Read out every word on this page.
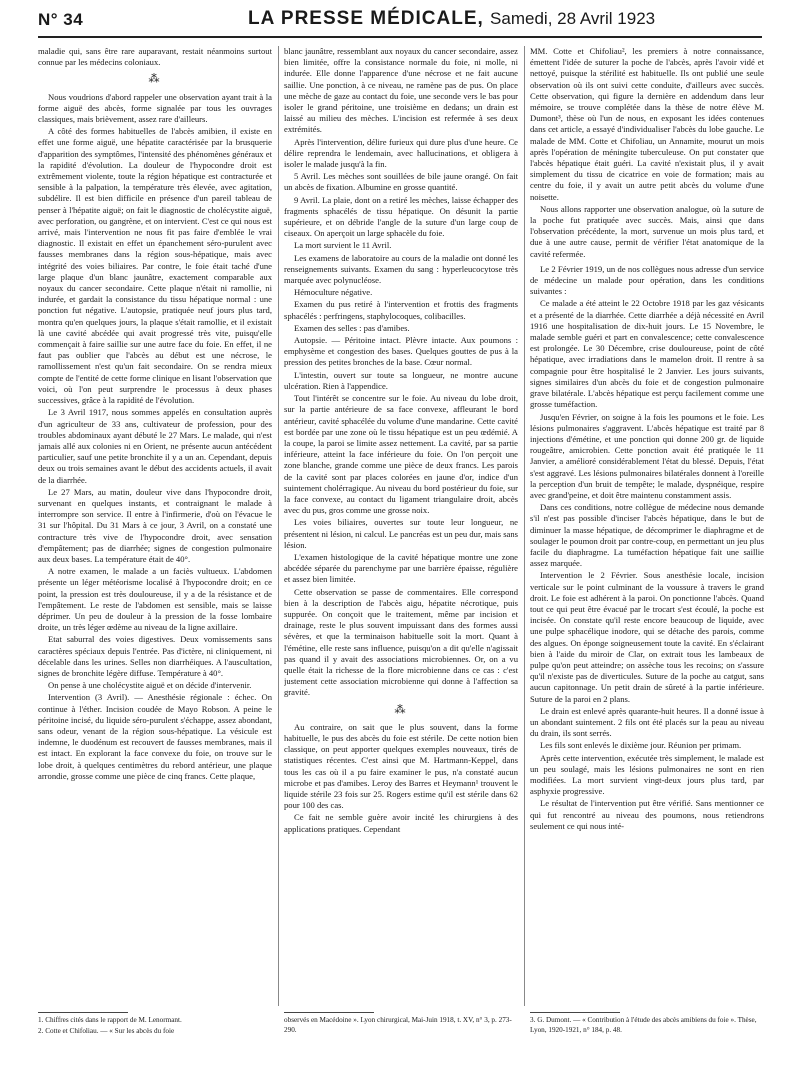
N° 34	LA PRESSE MÉDICALE, Samedi, 28 Avril 1923

maladie qui, sans être rare auparavant, restait néanmoins surtout connue par les médecins coloniaux.

⁂

Nous voudrions d'abord rappeler une observation ayant trait à la forme aiguë des abcès, forme signalée par tous les ouvrages classiques, mais brièvement, assez rare d'ailleurs.

A côté des formes habituelles de l'abcès amibien, il existe en effet une forme aiguë, une hépatite caractérisée par la brusquerie d'apparition des symptômes, l'intensité des phénomènes généraux et la rapidité d'évolution. La douleur de l'hypocondre droit est extrêmement violente, toute la région hépatique est contracturée et sensible à la palpation, la température très élevée, avec agitation, subdélire. Il est bien difficile en présence d'un pareil tableau de penser à l'hépatite aiguë; on fait le diagnostic de cholécystite aiguë, avec perforation, ou gangrène, et on intervient. C'est ce qui nous est arrivé, mais l'intervention ne nous fit pas faire d'emblée le vrai diagnostic. Il existait en effet un épanchement séro-purulent avec fausses membranes dans la région sous-hépatique, mais avec intégrité des voies biliaires. Par contre, le foie était taché d'une large plaque d'un blanc jaunâtre, exactement comparable aux noyaux du cancer secondaire. Cette plaque n'était ni ramollie, ni indurée, et gardait la consistance du tissu hépatique normal : une ponction fut négative. L'autopsie, pratiquée neuf jours plus tard, montra qu'en quelques jours, la plaque s'était ramollie, et il existait là une cavité abcédée qui avait progressé très vite, puisqu'elle commençait à faire saillie sur une autre face du foie. En effet, il ne faut pas oublier que l'abcès au début est une nécrose, le ramollissement n'est qu'un fait secondaire. On se rendra mieux compte de l'entité de cette forme clinique en lisant l'observation que voici, où l'on peut surprendre le processus à deux phases successives, grâce à la rapidité de l'évolution.

Le 3 Avril 1917, nous sommes appelés en consultation auprès d'un agriculteur de 33 ans, cultivateur de profession, pour des troubles abdominaux ayant débuté le 27 Mars. Le malade, qui n'est jamais allé aux colonies ni en Orient, ne présente aucun antécédent particulier, sauf une petite bronchite il y a un an. Cependant, depuis deux ou trois semaines avant le début des accidents actuels, il avait de la diarrhée.

Le 27 Mars, au matin, douleur vive dans l'hypocondre droit, survenant en quelques instants, et contraignant le malade à interrompre son service. Il entre à l'infirmerie, d'où on l'évacue le 31 sur l'hôpital. Du 31 Mars à ce jour, 3 Avril, on a constaté une contracture très vive de l'hypocondre droit, avec sensation d'empâtement; pas de diarrhée; signes de congestion pulmonaire aux deux bases. La température était de 40°.

A notre examen, le malade a un faciès vultueux. L'abdomen présente un léger météorisme localisé à l'hypocondre droit; en ce point, la pression est très douloureuse, il y a de la résistance et de l'empâtement. Le reste de l'abdomen est sensible, mais se laisse déprimer. Un peu de douleur à la pression de la fosse lombaire droite, un très léger œdème au niveau de la ligne axillaire.

Etat saburral des voies digestives. Deux vomissements sans caractères spéciaux depuis l'entrée. Pas d'ictère, ni cliniquement, ni décelable dans les urines. Selles non diarrhéiques. A l'auscultation, signes de bronchite légère diffuse. Température à 40°.

On pense à une cholécystite aiguë et on décide d'intervenir.

Intervention (3 Avril). — Anesthésie régionale : échec. On continue à l'éther. Incision coudée de Mayo Robson. A peine le péritoine incisé, du liquide séro-purulent s'échappe, assez abondant, sans odeur, venant de la région sous-hépatique. La vésicule est indemne, le duodénum est recouvert de fausses membranes, mais il est intact. En explorant la face convexe du foie, on trouve sur le lobe droit, à quelques centimètres du rebord antérieur, une plaque arrondie, grosse comme une pièce de cinq francs. Cette plaque,

blanc jaunâtre, ressemblant aux noyaux du cancer secondaire, assez bien limitée, offre la consistance normale du foie, ni molle, ni indurée. Elle donne l'apparence d'une nécrose et ne fait aucune saillie. Une ponction, à ce niveau, ne ramène pas de pus. On place une mèche de gaze au contact du foie, une seconde vers le bas pour isoler le grand péritoine, une troisième en dedans; un drain est laissé au milieu des mèches. L'incision est refermée à ses deux extrémités.

Après l'intervention, délire furieux qui dure plus d'une heure. Ce délire reprendra le lendemain, avec hallucinations, et obligera à isoler le malade jusqu'à la fin.

5 Avril. Les mèches sont souillées de bile jaune orangé. On fait un abcès de fixation. Albumine en grosse quantité.

9 Avril. La plaie, dont on a retiré les mèches, laisse échapper des fragments sphacélés de tissu hépatique. On désunit la partie supérieure, et on débride l'angle de la suture d'un large coup de ciseaux. On aperçoit un large sphacèle du foie.

La mort survient le 11 Avril.

Les examens de laboratoire au cours de la maladie ont donné les renseignements suivants. Examen du sang : hyperleucocytose très marquée avec polynucléose.

Hémoculture négative.

Examen du pus retiré à l'intervention et frottis des fragments sphacélés : perfringens, staphylocoques, colibacilles.

Examen des selles : pas d'amibes.

Autopsie. — Péritoine intact. Plèvre intacte. Aux poumons : emphysème et congestion des bases. Quelques gouttes de pus à la pression des petites bronches de la base. Cœur normal.

L'intestin, ouvert sur toute sa longueur, ne montre aucune ulcération. Rien à l'appendice.

Tout l'intérêt se concentre sur le foie. Au niveau du lobe droit, sur la partie antérieure de sa face convexe, affleurant le bord antérieur, cavité sphacélée du volume d'une mandarine. Cette cavité est bordée par une zone où le tissu hépatique est un peu œdémié. A la coupe, la paroi se limite assez nettement. La cavité, par sa partie inférieure, atteint la face inférieure du foie. On l'on perçoit une zone blanche, grande comme une pièce de deux francs. Les parois de la cavité sont par places colorées en jaune d'or, indice d'un suintement cholérragique. Au niveau du bord postérieur du foie, sur la face convexe, au contact du ligament triangulaire droit, abcès avec du pus, gros comme une grosse noix.

Les voies biliaires, ouvertes sur toute leur longueur, ne présentent ni lésion, ni calcul. Le pancréas est un peu dur, mais sans lésion.

L'examen histologique de la cavité hépatique montre une zone abcédée séparée du parenchyme par une barrière épaisse, régulière et assez bien limitée.

Cette observation se passe de commentaires. Elle correspond bien à la description de l'abcès aigu, hépatite nécrotique, puis suppurée. On conçoit que le traitement, même par incision et drainage, reste le plus souvent impuissant dans des formes aussi sévères, et que la terminaison habituelle soit la mort. Quant à l'émétine, elle reste sans influence, puisqu'on a dit qu'elle n'agissait pas quand il y avait des associations microbiennes. Or, on a vu quelle était la richesse de la flore microbienne dans ce cas : c'est justement cette association microbienne qui donne à l'affection sa gravité.

⁂

Au contraire, on sait que le plus souvent, dans la forme habituelle, le pus des abcès du foie est stérile. De cette notion bien classique, on peut apporter quelques exemples nouveaux, tirés de statistiques récentes. C'est ainsi que M. Hartmann-Keppel, dans tous les cas où il a pu faire examiner le pus, n'a constaté aucun microbe et pas d'amibes. Leroy des Barres et Heymann¹ trouvent le liquide stérile 23 fois sur 25. Rogers estime qu'il est stérile dans 62 pour 100 des cas.

Ce fait ne semble guère avoir incité les chirurgiens à des applications pratiques. Cependant

MM. Cotte et Chifoliau², les premiers à notre connaissance, émettent l'idée de suturer la poche de l'abcès, après l'avoir vidé et nettoyé, puisque la stérilité est habituelle. Ils ont publié une seule observation où ils ont suivi cette conduite, d'ailleurs avec succès. Cette observation, qui figure la dernière en addendum dans leur mémoire, se trouve complétée dans la thèse de notre élève M. Dumont³, thèse où l'un de nous, en exposant les idées contenues dans cet article, a essayé d'individualiser l'abcès du lobe gauche. Le malade de MM. Cotte et Chifoliau, un Annamite, mourut un mois après l'opération de méningite tuberculeuse. On put constater que l'abcès hépatique était guéri. La cavité n'existait plus, il y avait simplement du tissu de cicatrice en voie de formation; mais au centre du foie, il y avait un autre petit abcès du volume d'une noisette.

Nous allons rapporter une observation analogue, où la suture de la poche fut pratiquée avec succès. Mais, ainsi que dans l'observation précédente, la mort, survenue un mois plus tard, et due à une autre cause, permit de vérifier l'état anatomique de la cavité refermée.

Le 2 Février 1919, un de nos collègues nous adresse d'un service de médecine un malade pour opération, dans les conditions suivantes :

Ce malade a été atteint le 22 Octobre 1918 par les gaz vésicants et a présenté de la diarrhée. Cette diarrhée a déjà nécessité en Avril 1916 une hospitalisation de dix-huit jours. Le 15 Novembre, le malade semble guéri et part en convalescence; cette convalescence est prolongée. Le 30 Décembre, crise douloureuse, point de côté hépatique, avec irradiations dans le mamelon droit. Il rentre à sa compagnie pour être hospitalisé le 2 Janvier. Les jours suivants, signes similaires d'un abcès du foie et de congestion pulmonaire grave bilatérale. L'abcès hépatique est perçu facilement comme une grosse tuméfaction.

Jusqu'en Février, on soigne à la fois les poumons et le foie. Les lésions pulmonaires s'aggravent. L'abcès hépatique est traité par 8 injections d'émétine, et une ponction qui donne 200 gr. de liquide rougeâtre, amicrobien. Cette ponction avait été pratiquée le 11 Janvier, a amélioré considérablement l'état du blessé. Depuis, l'état s'est aggravé. Les lésions pulmonaires bilatérales donnent à l'oreille la perception d'un bruit de tempête; le malade, dyspnéique, respire avec grand'peine, et doit être maintenu constamment assis.

Dans ces conditions, notre collègue de médecine nous demande s'il n'est pas possible d'inciser l'abcès hépatique, dans le but de diminuer la masse hépatique, de décomprimer le diaphragme et de soulager le poumon droit par contre-coup, en permettant un jeu plus facile du diaphragme. La tuméfaction hépatique fait une saillie assez marquée.

Intervention le 2 Février. Sous anesthésie locale, incision verticale sur le point culminant de la voussure à travers le grand droit. Le foie est adhérent à la paroi. On ponctionne l'abcès. Quand tout ce qui peut être évacué par le trocart s'est écoulé, la poche est incisée. On constate qu'il reste encore beaucoup de liquide, avec une pulpe sphacélique inodore, qui se détache des parois, comme des algues. On éponge soigneusement toute la cavité. En s'éclairant bien à l'aide du miroir de Clar, on extrait tous les lambeaux de pulpe qu'on peut atteindre; on assèche tous les recoins; on s'assure qu'il n'existe pas de diverticules. Suture de la poche au catgut, sans aucun capitonnage. Un petit drain de sûreté à la partie inférieure. Suture de la paroi en 2 plans.

Le drain est enlevé après quarante-huit heures. Il a donné issue à un abondant suintement. 2 fils ont été placés sur la peau au niveau du drain, ils sont serrés.

Les fils sont enlevés le dixième jour. Réunion per primam.

Après cette intervention, exécutée très simplement, le malade est un peu soulagé, mais les lésions pulmonaires ne sont en rien modifiées. La mort survient vingt-deux jours plus tard, par asphyxie progressive.

Le résultat de l'intervention put être vérifié. Sans mentionner ce qui fut rencontré au niveau des poumons, nous retiendrons seulement ce qui nous inté-

1. Chiffres cités dans le rapport de M. Lenormant.
2. Cotte et Chifoliau. — « Sur les abcès du foie
observés en Macédoine ». Lyon chirurgical, Mai-Juin 1918, t. XV, n° 3, p. 273-290.
3. G. Dumont. — « Contribution à l'étude des abcès amibiens du foie ». Thèse, Lyon, 1920-1921, n° 184, p. 48.
